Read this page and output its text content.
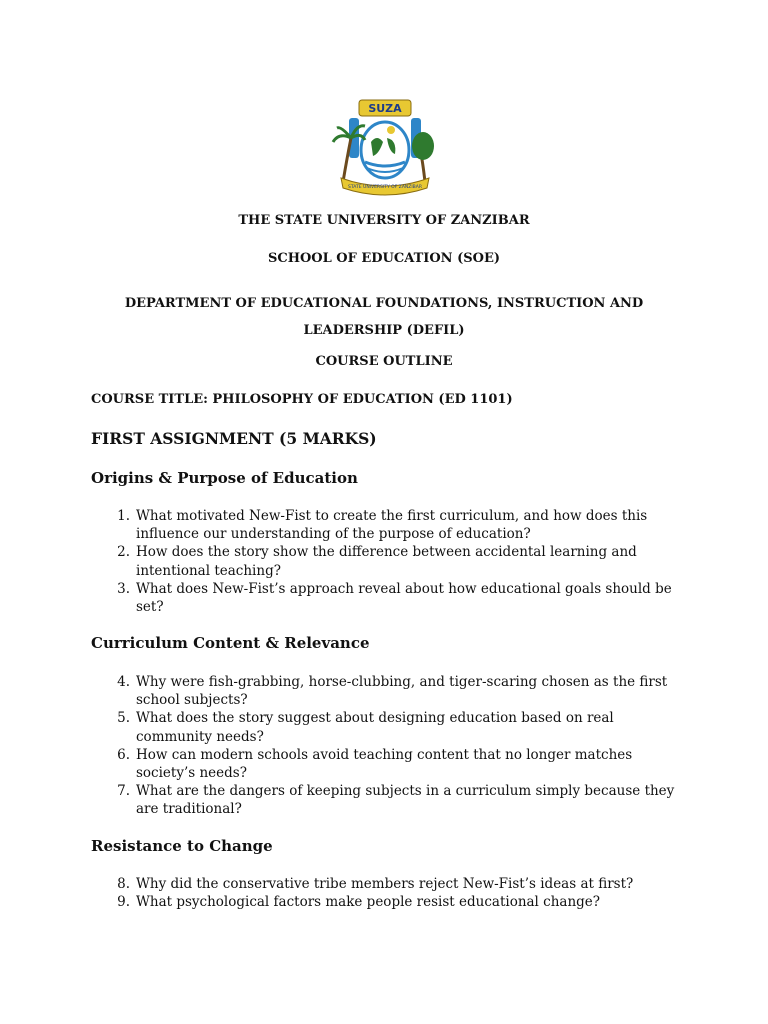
SUZA
STATE UNIVERSITY OF ZANZIBAR
THE STATE UNIVERSITY OF ZANZIBAR
SCHOOL OF EDUCATION (SOE)
DEPARTMENT OF EDUCATIONAL FOUNDATIONS, INSTRUCTION AND LEADERSHIP (DEFIL)
COURSE OUTLINE
COURSE TITLE: PHILOSOPHY OF EDUCATION (ED 1101)
FIRST ASSIGNMENT (5 MARKS)
Origins & Purpose of Education
1. What motivated New-Fist to create the first curriculum, and how does this influence our understanding of the purpose of education?
2. How does the story show the difference between accidental learning and intentional teaching?
3. What does New-Fist’s approach reveal about how educational goals should be set?
Curriculum Content & Relevance
4. Why were fish-grabbing, horse-clubbing, and tiger-scaring chosen as the first school subjects?
5. What does the story suggest about designing education based on real community needs?
6. How can modern schools avoid teaching content that no longer matches society’s needs?
7. What are the dangers of keeping subjects in a curriculum simply because they are traditional?
Resistance to Change
8. Why did the conservative tribe members reject New-Fist’s ideas at first?
9. What psychological factors make people resist educational change?
